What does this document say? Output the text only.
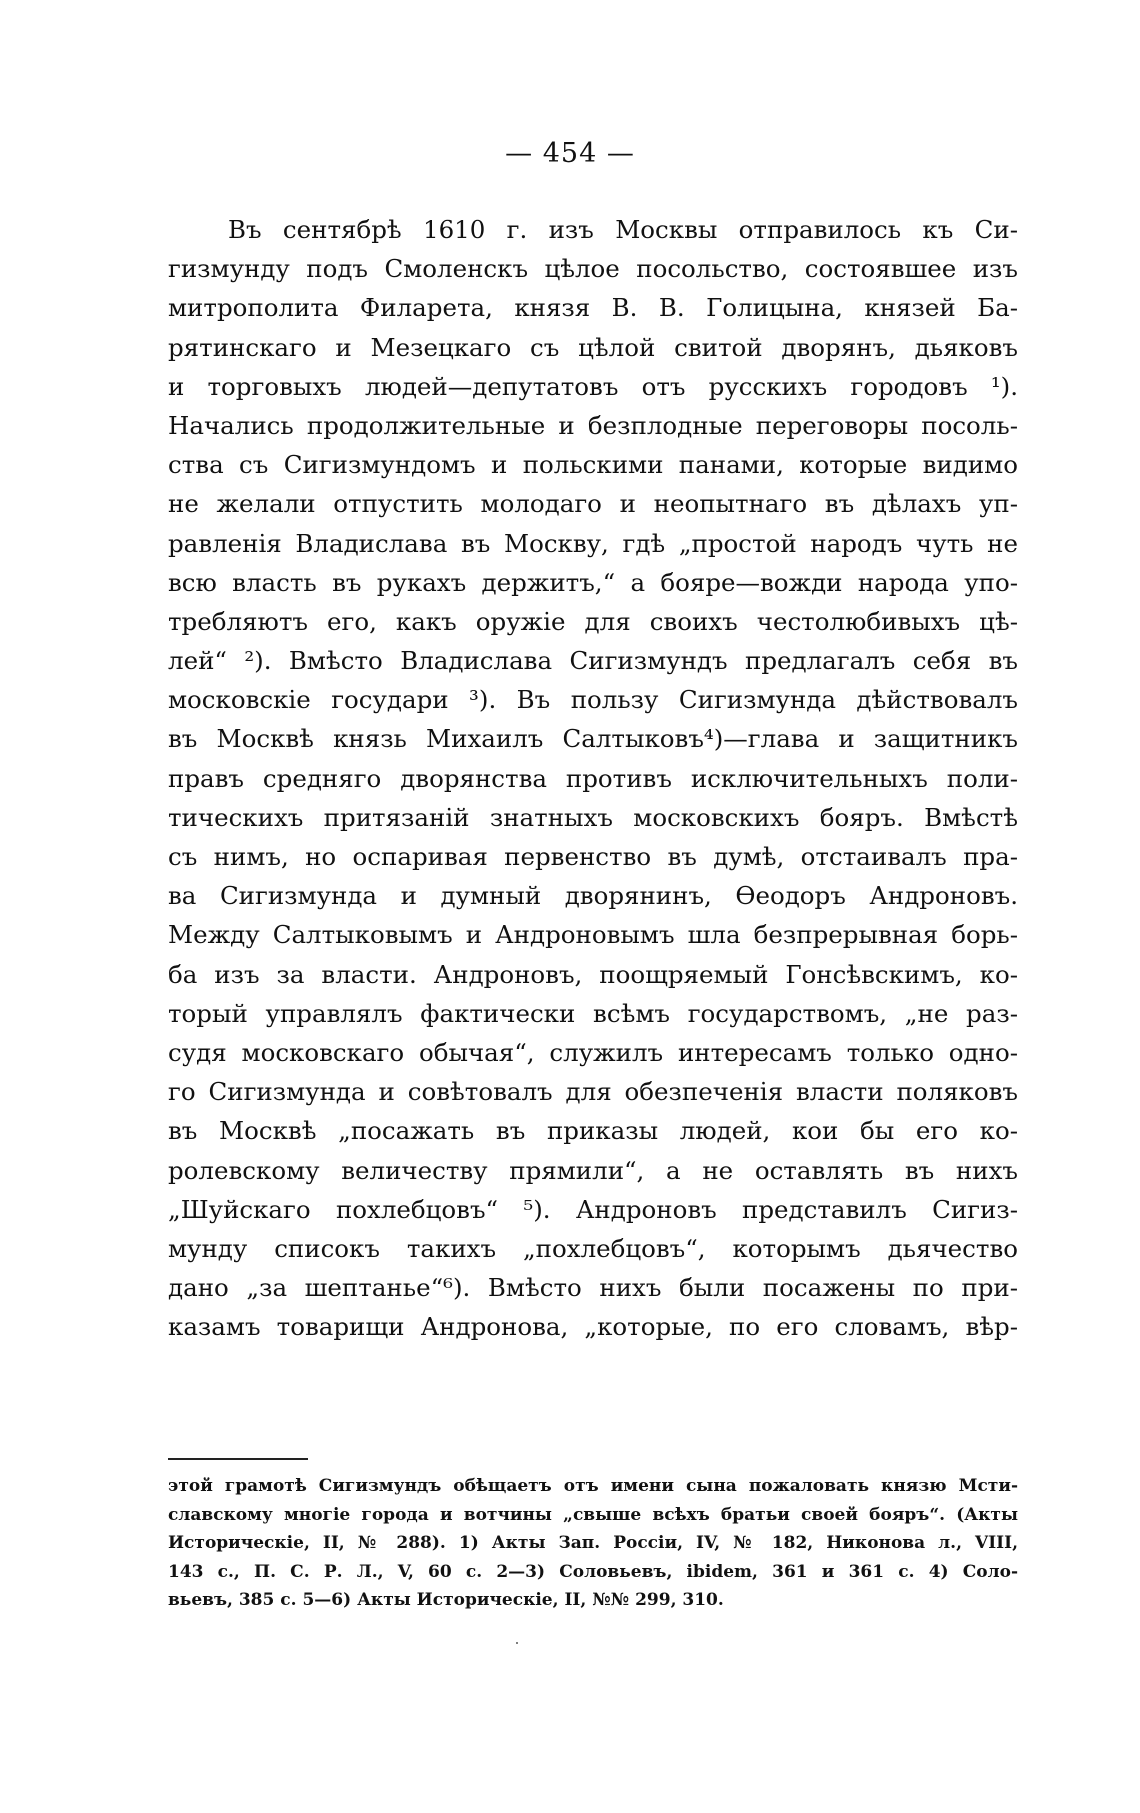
— 454 —
Въ сентябрѣ 1610 г. изъ Москвы отправилось къ Си-
гизмунду подъ Смоленскъ цѣлое посольство, состоявшее изъ
митрополита Филарета, князя В. В. Голицына, князей Ба-
рятинскаго и Мезецкаго съ цѣлой свитой дворянъ, дьяковъ
и торговыхъ людей—депутатовъ отъ русскихъ городовъ ¹).
Начались продолжительные и безплодные переговоры посоль-
ства съ Сигизмундомъ и польскими панами, которые видимо
не желали отпустить молодаго и неопытнаго въ дѣлахъ уп-
равленія Владислава въ Москву, гдѣ „простой народъ чуть не
всю власть въ рукахъ держитъ,“ а бояре—вожди народа упо-
требляютъ его, какъ оружіе для своихъ честолюбивыхъ цѣ-
лей“ ²). Вмѣсто Владислава Сигизмундъ предлагалъ себя въ
московскіе государи ³). Въ пользу Сигизмунда дѣйствовалъ
въ Москвѣ князь Михаилъ Салтыковъ⁴)—глава и защитникъ
правъ средняго дворянства противъ исключительныхъ поли-
тическихъ притязаній знатныхъ московскихъ бояръ. Вмѣстѣ
съ нимъ, но оспаривая первенство въ думѣ, отстаивалъ пра-
ва Сигизмунда и думный дворянинъ, Ѳеодоръ Андроновъ.
Между Салтыковымъ и Андроновымъ шла безпрерывная борь-
ба изъ за власти. Андроновъ, поощряемый Гонсѣвскимъ, ко-
торый управлялъ фактически всѣмъ государствомъ, „не раз-
судя московскаго обычая“, служилъ интересамъ только одно-
го Сигизмунда и совѣтовалъ для обезпеченія власти поляковъ
въ Москвѣ „посажать въ приказы людей, кои бы его ко-
ролевскому величеству прямили“, а не оставлять въ нихъ
„Шуйскаго похлебцовъ“ ⁵). Андроновъ представилъ Сигиз-
мунду списокъ такихъ „похлебцовъ“, которымъ дьячество
дано „за шептанье“⁶). Вмѣсто нихъ были посажены по при-
казамъ товарищи Андронова, „которые, по его словамъ, вѣр-
этой грамотѣ Сигизмундъ обѣщаетъ отъ имени сына пожаловать князю Мсти-
славскому многіе города и вотчины „свыше всѣхъ братьи своей бояръ“. (Акты
Историческіе, II, № 288). 1) Акты Зап. Россіи, IV, № 182, Никонова л., VIII,
143 с., П. С. Р. Л., V, 60 с. 2—3) Соловьевъ, ibidem, 361 и 361 с. 4) Соло-
вьевъ, 385 с. 5—6) Акты Историческіе, II, №№ 299, 310.
